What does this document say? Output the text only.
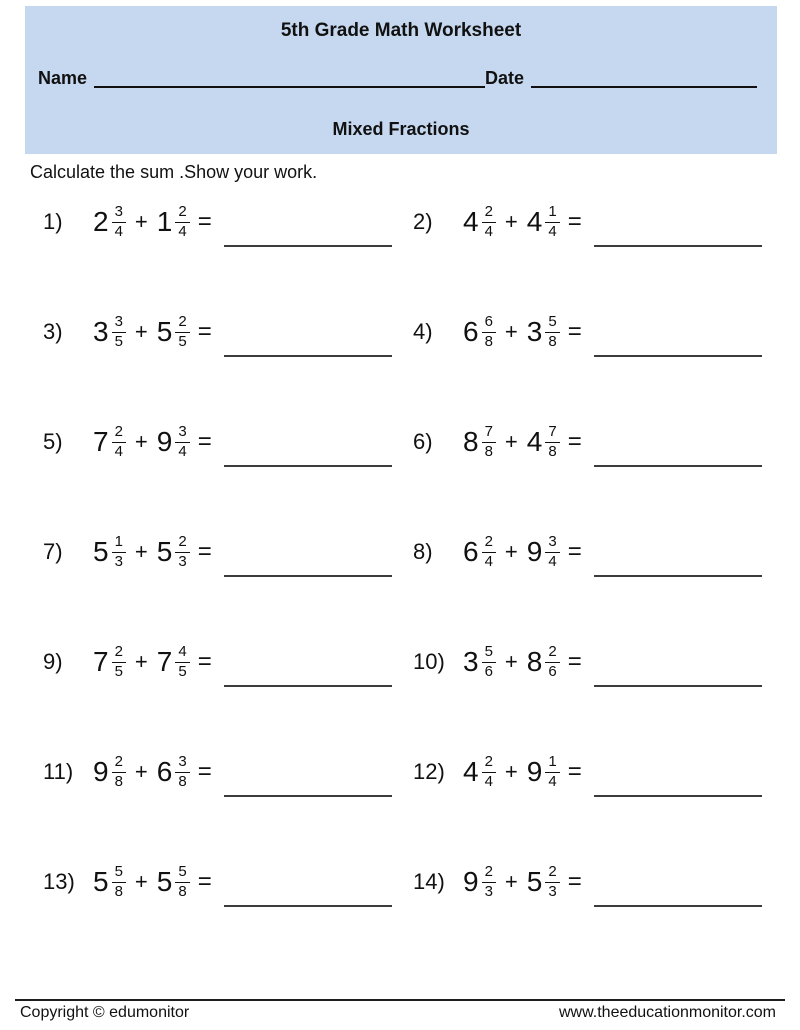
5th Grade Math Worksheet
Name	Date
Mixed Fractions
Calculate the sum .Show your work.
1)	$2 \frac{3}{4} + 1 \frac{2}{4}$ =	2)	$4 \frac{2}{4} + 4 \frac{1}{4}$ =
3)	$3 \frac{3}{5} + 5 \frac{2}{5}$ =	4)	$6 \frac{6}{8} + 3 \frac{5}{8}$ =
5)	$7 \frac{2}{4} + 9 \frac{3}{4}$ =	6)	$8 \frac{7}{8} + 4 \frac{7}{8}$ =
7)	$5 \frac{1}{3} + 5 \frac{2}{3}$ =	8)	$6 \frac{2}{4} + 9 \frac{3}{4}$ =
9)	$7 \frac{2}{5} + 7 \frac{4}{5}$ =	10) $3 \frac{5}{6} + 8 \frac{2}{6}$ =
11) $9 \frac{2}{8} + 6 \frac{3}{8}$ =	12) $4 \frac{2}{4} + 9 \frac{1}{4}$ =
13) $5 \frac{5}{8} + 5 \frac{5}{8}$ =	14) $9 \frac{2}{3} + 5 \frac{2}{3}$ =
Copyright © edumonitor	www.theeducationmonitor.com
